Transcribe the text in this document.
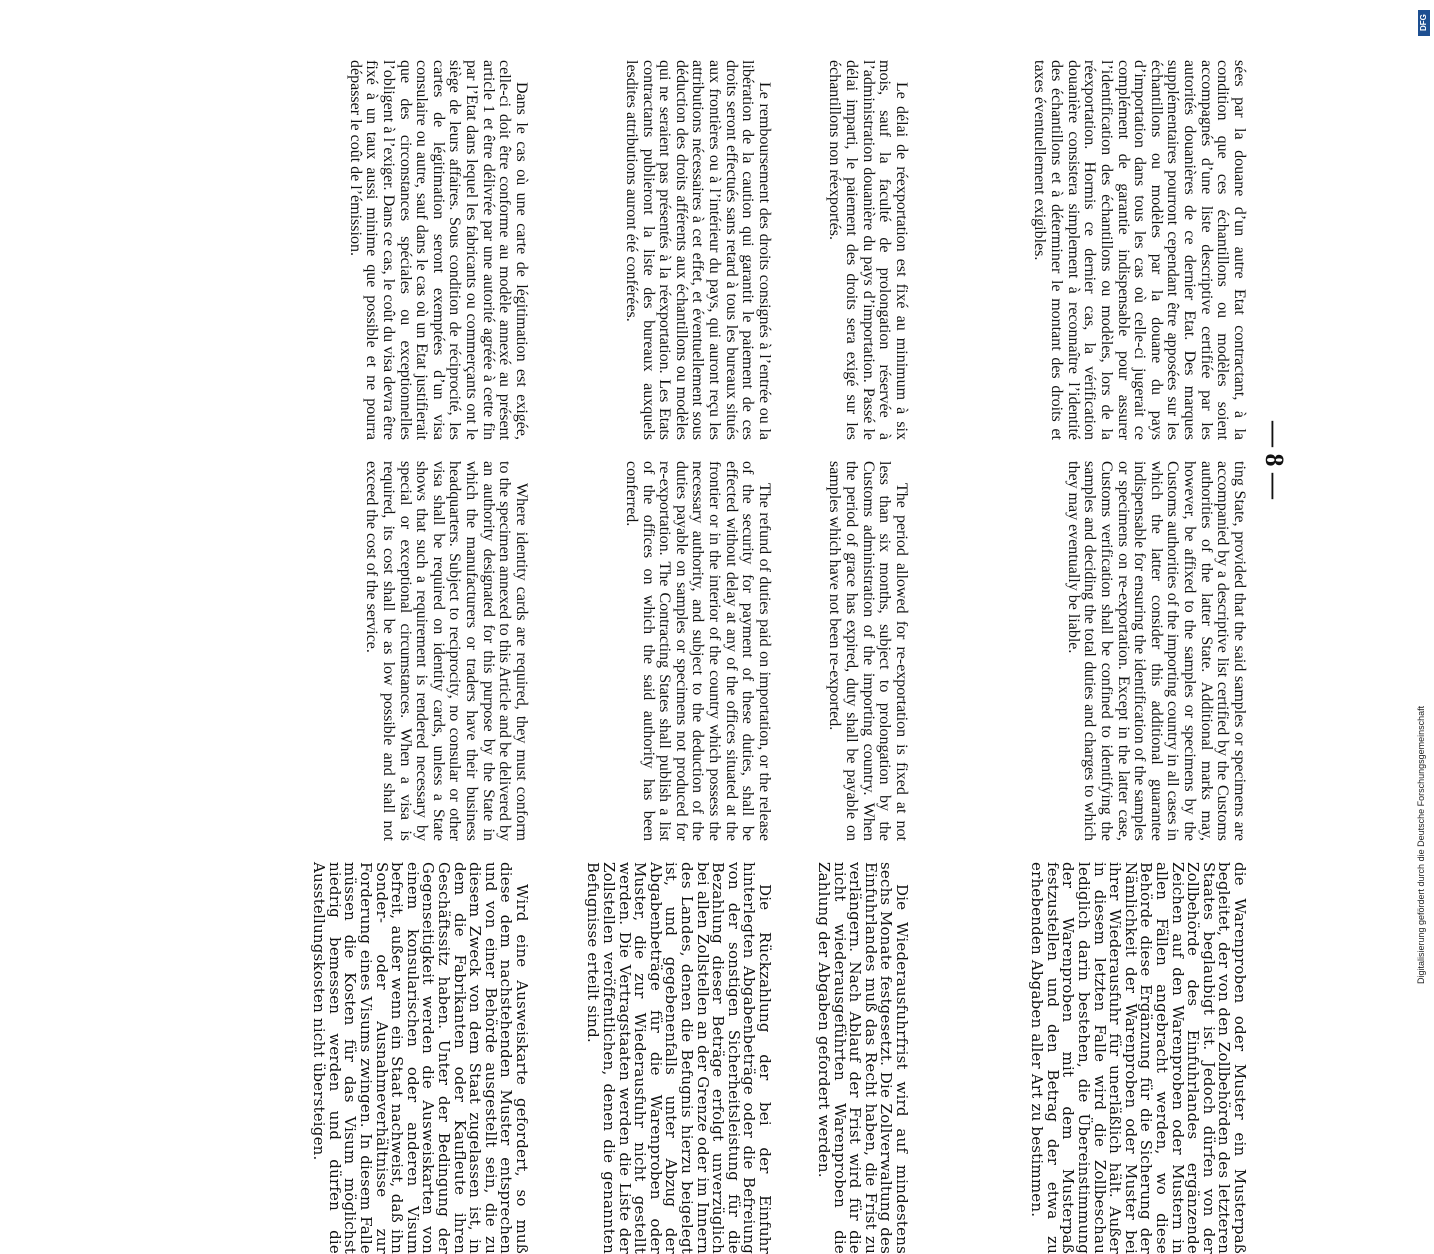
— 8 —

sées par la douane d’un autre Etat contractant, à la condition que ces échantillons ou modèles soient accompagnés d’une liste descriptive certifiée par les autorités douanières de ce dernier Etat. Des marques supplémentaires pourront cependant être apposées sur les échantillons ou modèles par la douane du pays d’importation dans tous les cas où celle-ci jugerait ce complément de garantie indispensable pour assurer l’identification des échantillons ou modèles, lors de la réexportation. Hormis ce dernier cas, la vérification douanière consistera simplement à reconnaître l’identité des échantillons et à déterminer le montant des droits et taxes éventuellement exigibles.

Le délai de réexportation est fixé au minimum à six mois, sauf la faculté de prolongation réservée à l’administration douanière du pays d’importation. Passé le délai imparti, le paiement des droits sera exigé sur les échantillons non réexportés.

Le remboursement des droits consignés à l’entrée ou la libération de la caution qui garantit le paiement de ces droits seront effectués sans retard à tous les bureaux situés aux frontières ou à l’intérieur du pays, qui auront reçu les attributions nécessaires à cet effet, et éventuellement sous déduction des droits afférents aux échantillons ou modèles qui ne seraient pas présentés à la réexportation. Les Etats contractants publieront la liste des bureaux auxquels lesdites attributions auront été conférées.

Dans le cas où une carte de légitimation est exigée, celle-ci doit être conforme au modèle annexé au présent article 1 et être délivrée par une autorité agréée à cette fin par l’Etat dans lequel les fabricants ou commerçants ont le siège de leurs affaires. Sous condition de réciprocité, les cartes de légitimation seront exemptées d’un visa consulaire ou autre, sauf dans le cas où un Etat justifierait que des circonstances spéciales ou exceptionnelles l’obligent à l’exiger. Dans ce cas, le coût du visa devra être fixé à un taux aussi minime que possible et ne pourra dépasser le coût de l’émission.

ting State, provided that the said samples or specimens are accompanied by a descriptive list certified by the Customs authorities of the latter State. Additional marks may, however, be affixed to the samples or specimens by the Customs authorities of the importing country in all cases in which the latter consider this additional guarantee indispensable for ensuring the identification of the samples or specimens on re-exportation. Except in the latter case, Customs verification shall be confined to identifying the samples and deciding the total duties and charges to which they may eventually be liable.

The period allowed for re-exportation is fixed at not less than six months, subject to prolongation by the Customs administration of the importing country. When the period of grace has expired, duty shall be payable on samples which have not been re-exported.

The refund of duties paid on importation, or the release of the security for payment of these duties, shall be effected without delay at any of the offices situated at the frontier or in the interior of the country which possess the necessary authority, and subject to the deduction of the duties payable on samples or specimens not produced for re-exportation. The Contracting States shall publish a list of the offices on which the said authority has been conferred.

Where identity cards are required, they must conform to the specimen annexed to this Article and be delivered by an authority designated for this purpose by the State in which the manufacturers or traders have their business headquarters. Subject to reciprocity, no consular or other visa shall be required on identity cards, unless a State shows that such a requirement is rendered necessary by special or exceptional circumstances. When a visa is required, its cost shall be as low possible and shall not exceed the cost of the service.

die Warenproben oder Muster ein Musterpaß begleitet, der von den Zollbehörden des letzteren Staates beglaubigt ist. Jedoch dürfen von der Zollbehörde des Einfuhrlandes ergänzende Zeichen auf den Warenproben oder Mustern in allen Fällen angebracht werden, wo diese Behörde diese Ergänzung für die Sicherung der Nämlichkeit der Warenproben oder Muster bei ihrer Wiederausfuhr für unerläßlich hält. Außer in diesem letzten Falle wird die Zollbeschau lediglich darin bestehen, die Übereinstimmung der Warenproben mit dem Musterpaß festzustellen und den Betrag der etwa zu erhebenden Abgaben aller Art zu bestimmen.

Die Wiederausfuhrfrist wird auf mindestens sechs Monate festgesetzt. Die Zollverwaltung des Einfuhrlandes muß das Recht haben, die Frist zu verlängern. Nach Ablauf der Frist wird für die nicht wiederausgeführten Warenproben die Zahlung der Abgaben gefordert werden.

Die Rückzahlung der bei der Einfuhr hinterlegten Abgabenbeträge oder die Befreiung von der sonstigen Sicherheitsleistung für die Bezahlung dieser Beträge erfolgt unverzüglich bei allen Zollstellen an der Grenze oder im Innern des Landes, denen die Befugnis hierzu beigelegt ist, und gegebenenfalls unter Abzug der Abgabenbeträge für die Warenproben oder Muster, die zur Wiederausfuhr nicht gestellt werden. Die Vertragstaaten werden die Liste der Zollstellen veröffentlichen, denen die genannten Befugnisse erteilt sind.

Wird eine Ausweiskarte gefordert, so muß diese dem nachstehenden Muster entsprechen und von einer Behörde ausgestellt sein, die zu diesem Zweck von dem Staat zugelassen ist, in dem die Fabrikanten oder Kaufleute ihren Geschäftssitz haben. Unter der Bedingung der Gegenseitigkeit werden die Ausweiskarten von einem konsularischen oder anderen Visum befreit, außer wenn ein Staat nachweist, daß ihn Sonder- oder Ausnahmeverhältnisse zur Forderung eines Visums zwingen. In diesem Falle müssen die Kosten für das Visum möglichst niedrig bemessen werden und dürfen die Ausstellungskosten nicht übersteigen.

DFG
Digitalisierung gefördert durch die Deutsche Forschungsgemeinschaft
